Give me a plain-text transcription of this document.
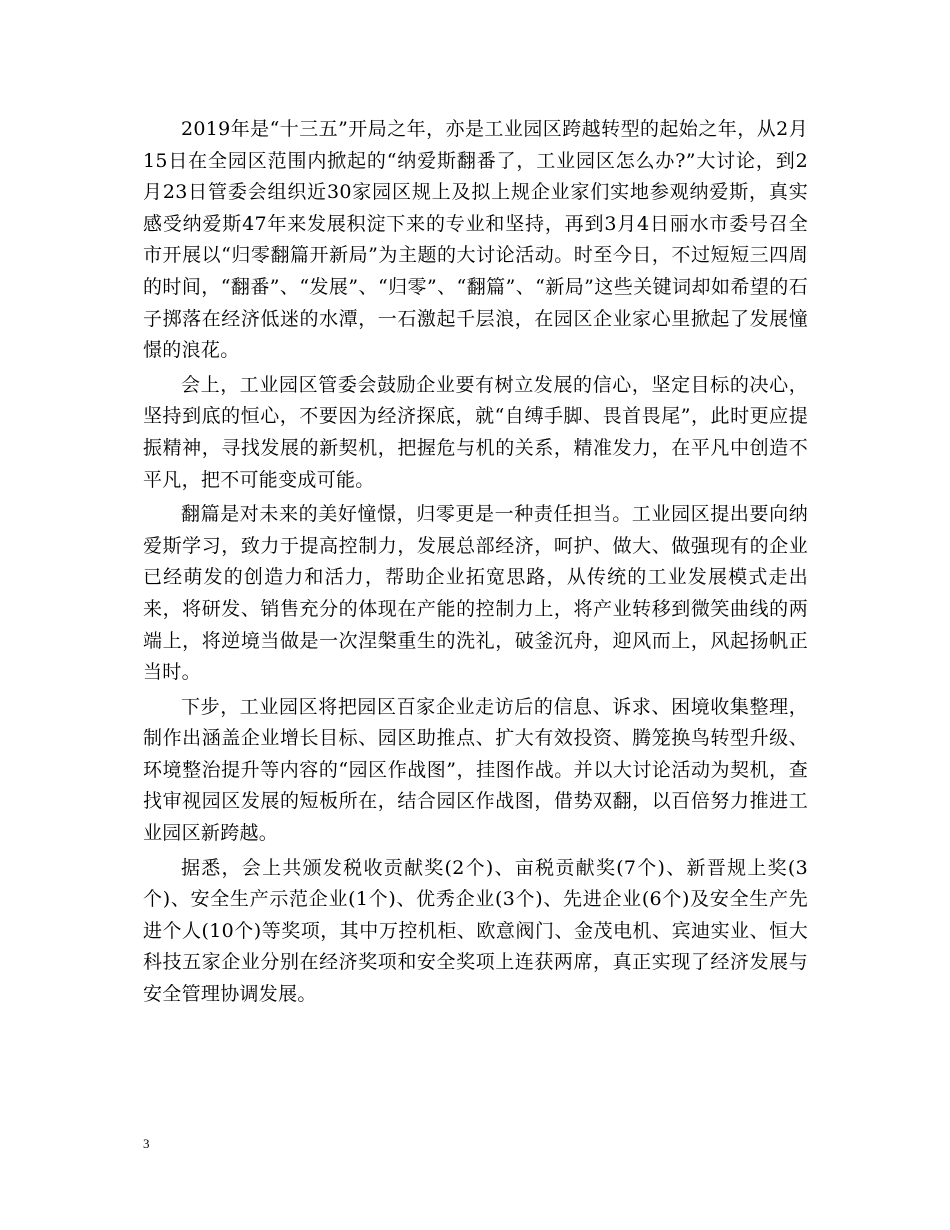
2019年是“十三五”开局之年，亦是工业园区跨越转型的起始之年，从2月15日在全园区范围内掀起的“纳爱斯翻番了，工业园区怎么办?”大讨论，到2月23日管委会组织近30家园区规上及拟上规企业家们实地参观纳爱斯，真实感受纳爱斯47年来发展积淀下来的专业和坚持，再到3月4日丽水市委号召全市开展以“归零翻篇开新局”为主题的大讨论活动。时至今日，不过短短三四周的时间，“翻番”、“发展”、“归零”、“翻篇”、“新局”这些关键词却如希望的石子掷落在经济低迷的水潭，一石激起千层浪，在园区企业家心里掀起了发展憧憬的浪花。

会上，工业园区管委会鼓励企业要有树立发展的信心，坚定目标的决心，坚持到底的恒心，不要因为经济探底，就“自缚手脚、畏首畏尾”，此时更应提振精神，寻找发展的新契机，把握危与机的关系，精准发力，在平凡中创造不平凡，把不可能变成可能。

翻篇是对未来的美好憧憬，归零更是一种责任担当。工业园区提出要向纳爱斯学习，致力于提高控制力，发展总部经济，呵护、做大、做强现有的企业已经萌发的创造力和活力，帮助企业拓宽思路，从传统的工业发展模式走出来，将研发、销售充分的体现在产能的控制力上，将产业转移到微笑曲线的两端上，将逆境当做是一次涅槃重生的洗礼，破釜沉舟，迎风而上，风起扬帆正当时。

下步，工业园区将把园区百家企业走访后的信息、诉求、困境收集整理，制作出涵盖企业增长目标、园区助推点、扩大有效投资、腾笼换鸟转型升级、环境整治提升等内容的“园区作战图”，挂图作战。并以大讨论活动为契机，查找审视园区发展的短板所在，结合园区作战图，借势双翻，以百倍努力推进工业园区新跨越。

据悉，会上共颁发税收贡献奖(2个)、亩税贡献奖(7个)、新晋规上奖(3个)、安全生产示范企业(1个)、优秀企业(3个)、先进企业(6个)及安全生产先进个人(10个)等奖项，其中万控机柜、欧意阀门、金茂电机、宾迪实业、恒大科技五家企业分别在经济奖项和安全奖项上连获两席，真正实现了经济发展与安全管理协调发展。

3
